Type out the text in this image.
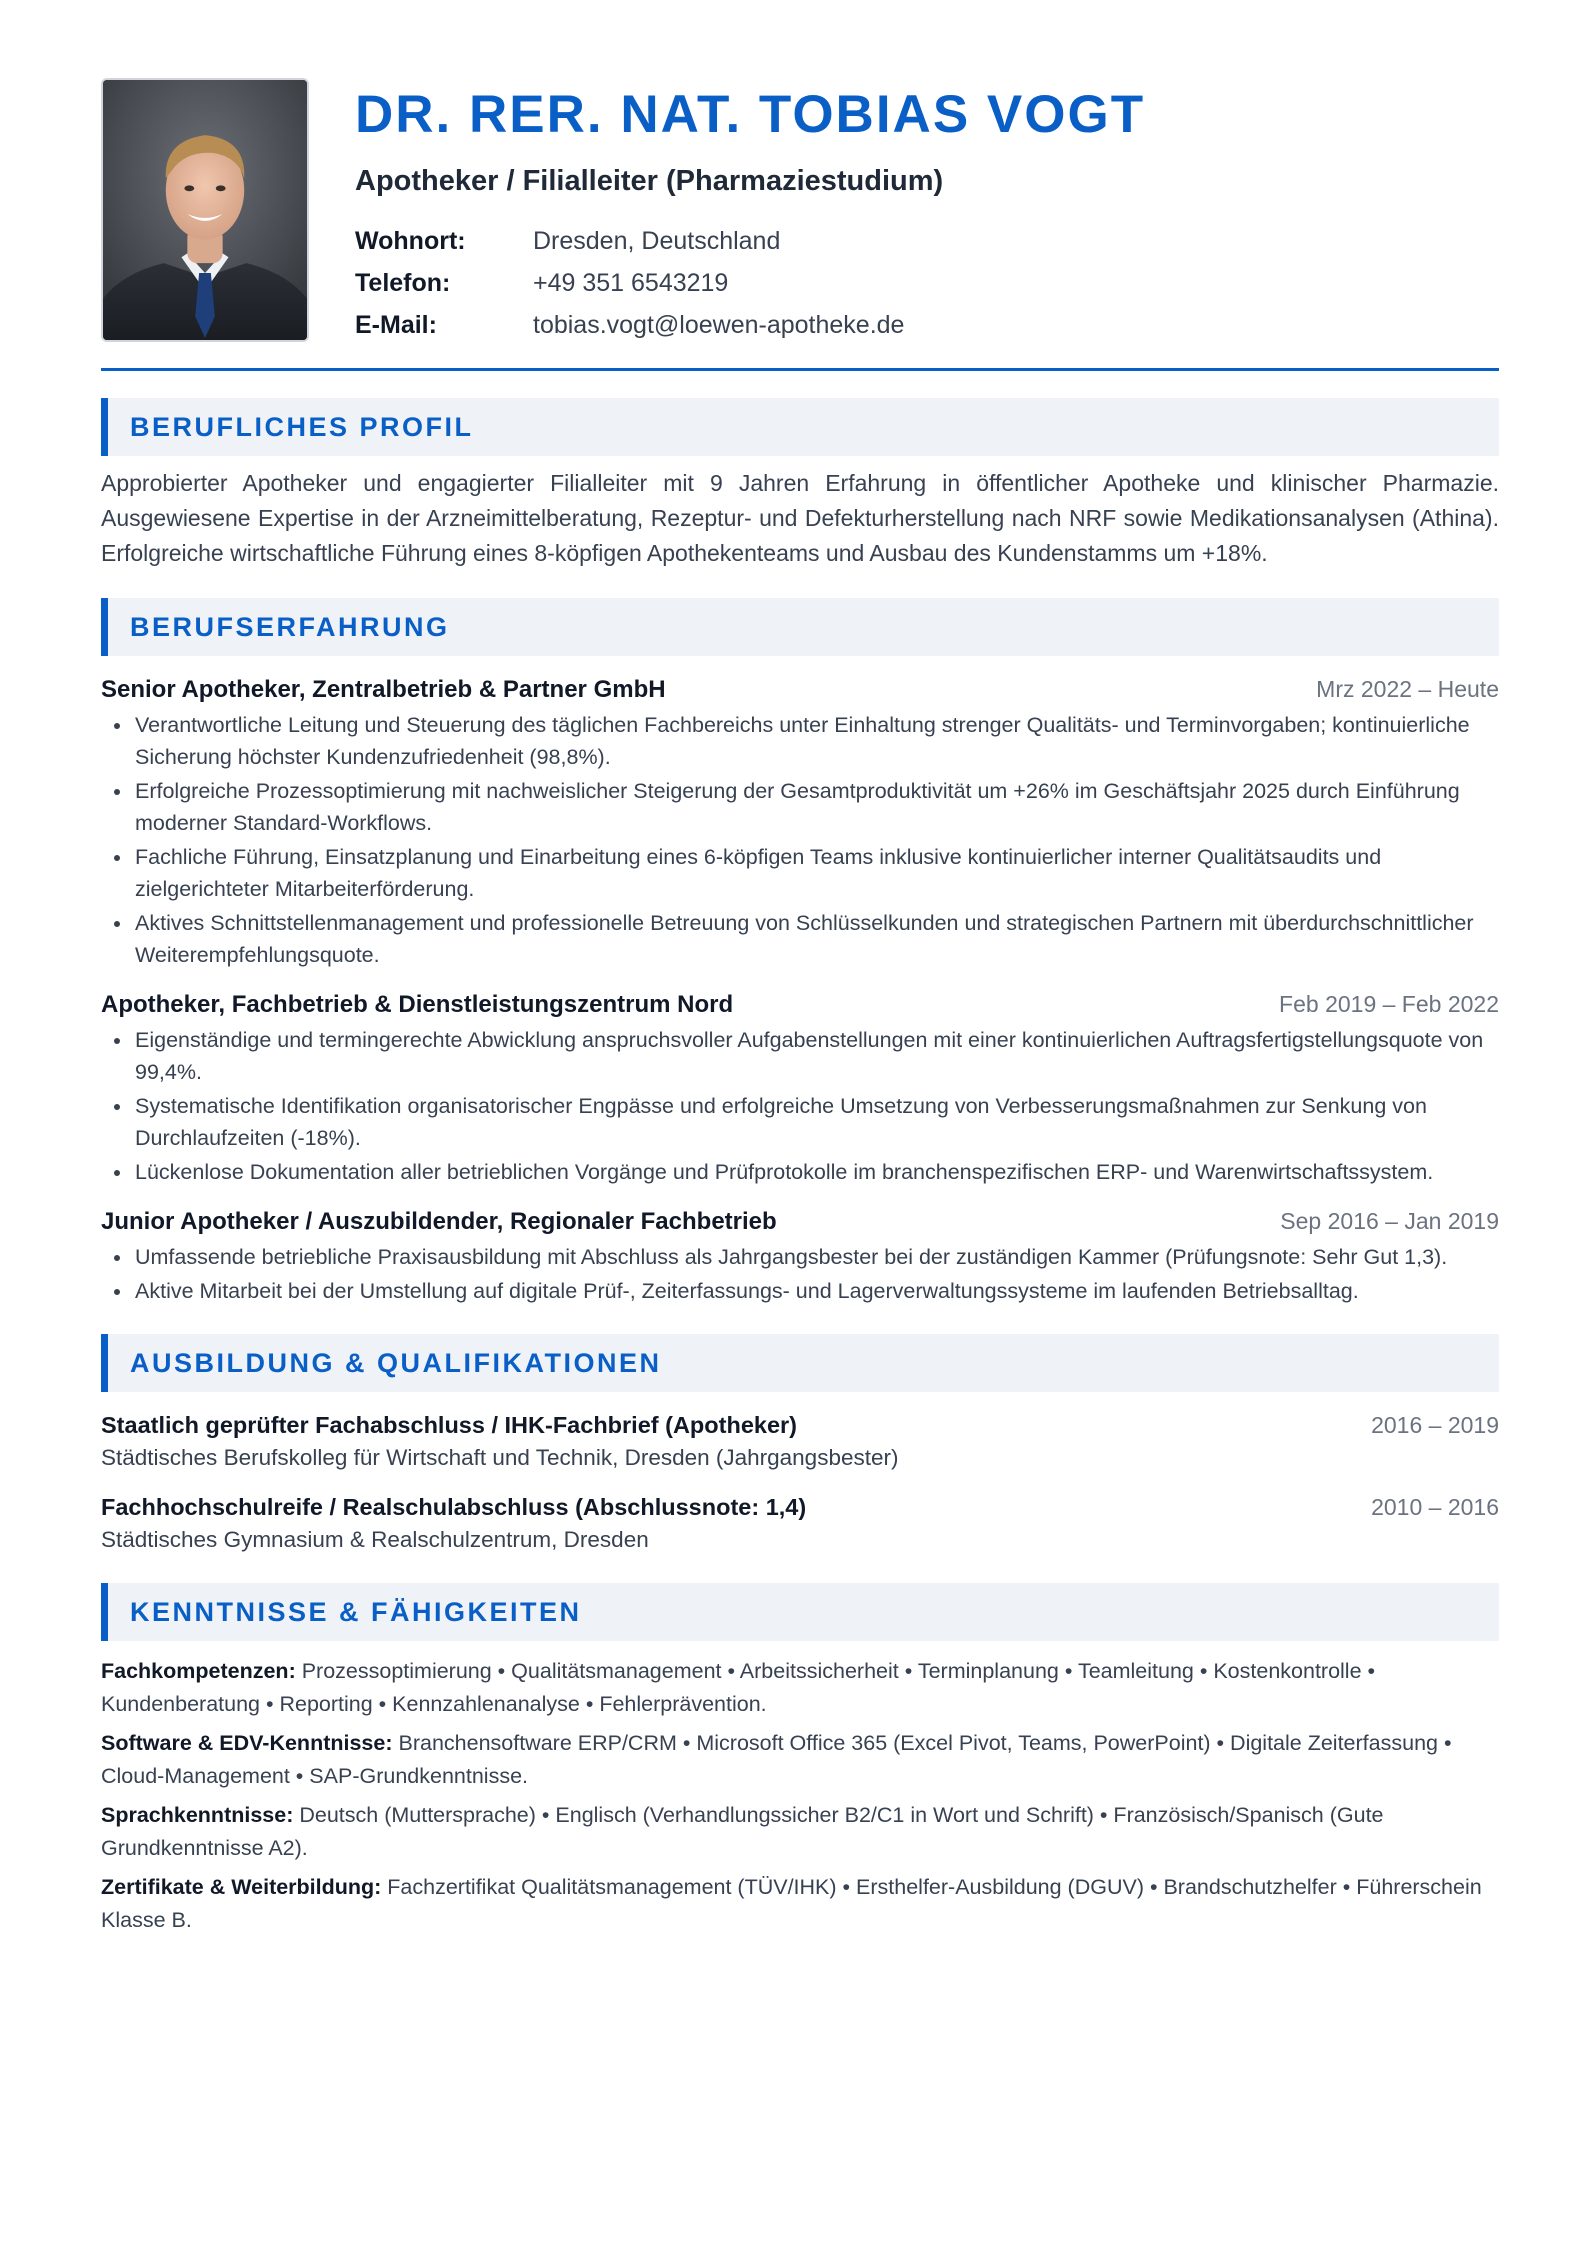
DR. RER. NAT. TOBIAS VOGT
Apotheker / Filialleiter (Pharmaziestudium)
Wohnort:	Dresden, Deutschland
Telefon:	+49 351 6543219
E-Mail:	tobias.vogt@loewen-apotheke.de
BERUFLICHES PROFIL

Approbierter Apotheker und engagierter Filialleiter mit 9 Jahren Erfahrung in öffentlicher Apotheke und klinischer Pharmazie. Ausgewiesene Expertise in der Arzneimittelberatung, Rezeptur- und Defekturherstellung nach NRF sowie Medikationsanalysen (Athina). Erfolgreiche wirtschaftliche Führung eines 8-köpfigen Apothekenteams und Ausbau des Kundenstamms um +18%.

BERUFSERFAHRUNG
Senior Apotheker, Zentralbetrieb & Partner GmbH	Mrz 2022 – Heute
Verantwortliche Leitung und Steuerung des täglichen Fachbereichs unter Einhaltung strenger Qualitäts- und Terminvorgaben; kontinuierliche Sicherung höchster Kundenzufriedenheit (98,8%).
Erfolgreiche Prozessoptimierung mit nachweislicher Steigerung der Gesamtproduktivität um +26% im Geschäftsjahr 2025 durch Einführung moderner Standard-Workflows.
Fachliche Führung, Einsatzplanung und Einarbeitung eines 6-köpfigen Teams inklusive kontinuierlicher interner Qualitätsaudits und zielgerichteter Mitarbeiterförderung.
Aktives Schnittstellenmanagement und professionelle Betreuung von Schlüsselkunden und strategischen Partnern mit überdurchschnittlicher Weiterempfehlungsquote.
Apotheker, Fachbetrieb & Dienstleistungszentrum Nord	Feb 2019 – Feb 2022
Eigenständige und termingerechte Abwicklung anspruchsvoller Aufgabenstellungen mit einer kontinuierlichen Auftragsfertigstellungsquote von 99,4%.
Systematische Identifikation organisatorischer Engpässe und erfolgreiche Umsetzung von Verbesserungsmaßnahmen zur Senkung von Durchlaufzeiten (-18%).
Lückenlose Dokumentation aller betrieblichen Vorgänge und Prüfprotokolle im branchenspezifischen ERP- und Warenwirtschaftssystem.
Junior Apotheker / Auszubildender, Regionaler Fachbetrieb	Sep 2016 – Jan 2019
Umfassende betriebliche Praxisausbildung mit Abschluss als Jahrgangsbester bei der zuständigen Kammer (Prüfungsnote: Sehr Gut 1,3).
Aktive Mitarbeit bei der Umstellung auf digitale Prüf-, Zeiterfassungs- und Lagerverwaltungssysteme im laufenden Betriebsalltag.
AUSBILDUNG & QUALIFIKATIONEN
Staatlich geprüfter Fachabschluss / IHK-Fachbrief (Apotheker)	2016 – 2019
Städtisches Berufskolleg für Wirtschaft und Technik, Dresden (Jahrgangsbester)
Fachhochschulreife / Realschulabschluss (Abschlussnote: 1,4)	2010 – 2016
Städtisches Gymnasium & Realschulzentrum, Dresden
KENNTNISSE & FÄHIGKEITEN
Fachkompetenzen: Prozessoptimierung • Qualitätsmanagement • Arbeitssicherheit • Terminplanung • Teamleitung • Kostenkontrolle • Kundenberatung • Reporting • Kennzahlenanalyse • Fehlerprävention.
Software & EDV-Kenntnisse: Branchensoftware ERP/CRM • Microsoft Office 365 (Excel Pivot, Teams, PowerPoint) • Digitale Zeiterfassung • Cloud-Management • SAP-Grundkenntnisse.
Sprachkenntnisse: Deutsch (Muttersprache) • Englisch (Verhandlungssicher B2/C1 in Wort und Schrift) • Französisch/Spanisch (Gute Grundkenntnisse A2).
Zertifikate & Weiterbildung: Fachzertifikat Qualitätsmanagement (TÜV/IHK) • Ersthelfer-Ausbildung (DGUV) • Brandschutzhelfer • Führerschein Klasse B.
